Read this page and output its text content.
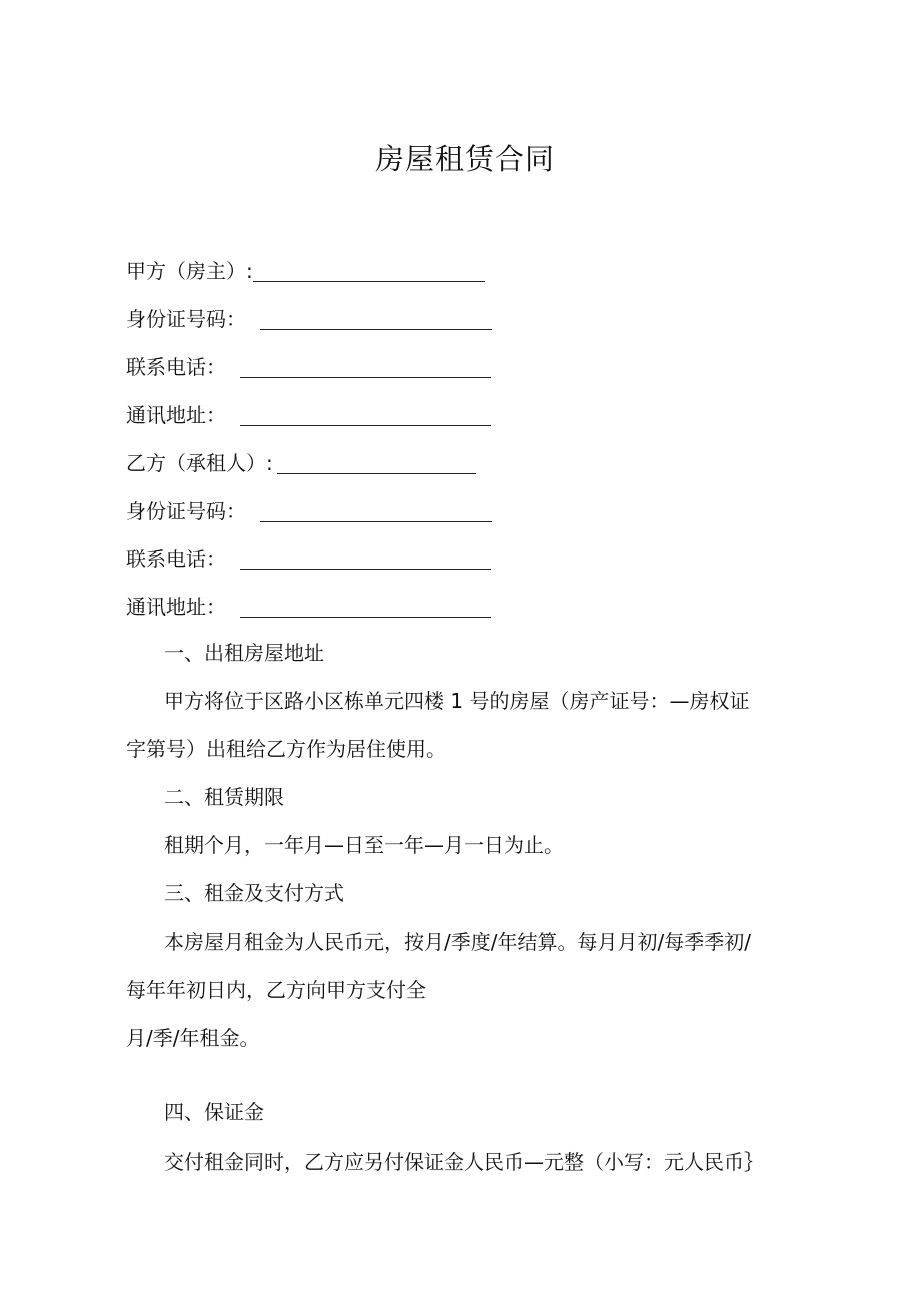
房屋租赁合同
甲方（房主）:
身份证号码：
联系电话：
通讯地址：
乙方（承租人）:
身份证号码：
联系电话：
通讯地址：
一、出租房屋地址
甲方将位于区路小区栋单元四楼 1 号的房屋（房产证号：—房权证
字第号）出租给乙方作为居住使用。
二、租赁期限
租期个月，一年月—日至一年—月一日为止。
三、租金及支付方式
本房屋月租金为人民币元，按月/季度/年结算。每月月初/每季季初/
每年年初日内，乙方向甲方支付全
月/季/年租金。
四、保证金
交付租金同时，乙方应另付保证金人民币—元整（小写：元人民币｝
